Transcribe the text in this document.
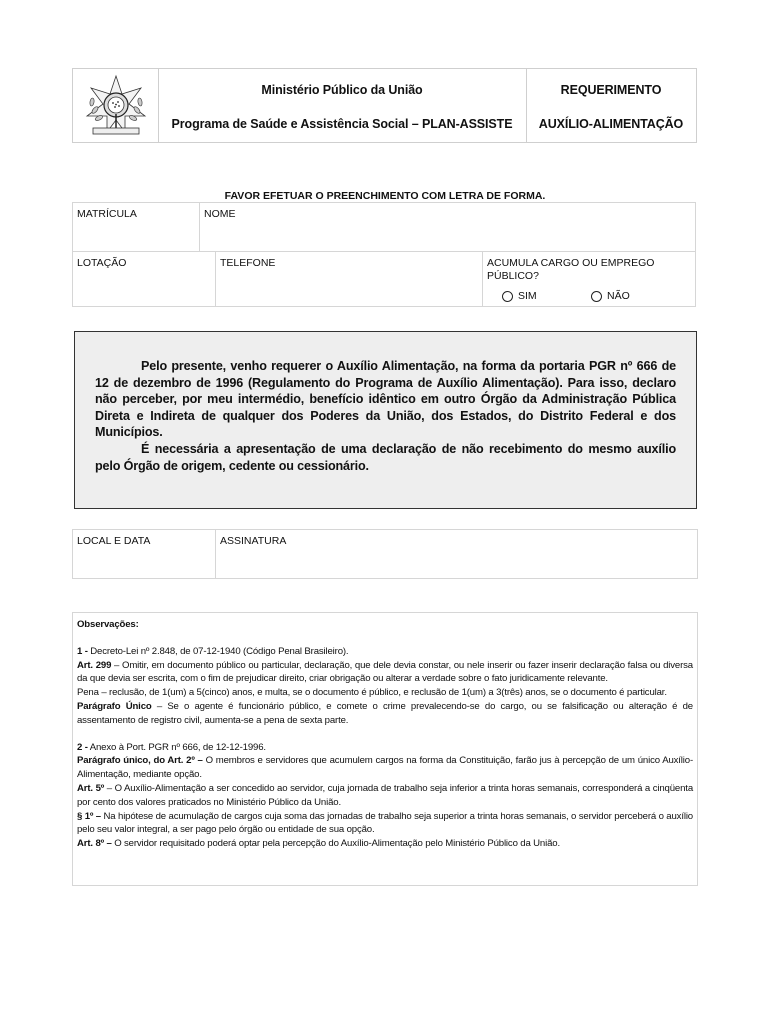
Ministério Público da União
Programa de Saúde e Assistência Social – PLAN-ASSISTE
REQUERIMENTO
AUXÍLIO-ALIMENTAÇÃO
FAVOR EFETUAR O PREENCHIMENTO COM LETRA DE FORMA.
MATRÍCULA	NOME
LOTAÇÃO	TELEFONE	ACUMULA CARGO OU EMPREGO
PÚBLICO?
SIM	NÃO

Pelo presente, venho requerer o Auxílio Alimentação, na forma da portaria PGR nº 666 de 12 de dezembro de 1996 (Regulamento do Programa de Auxílio Alimentação). Para isso, declaro não perceber, por meu intermédio, benefício idêntico em outro Órgão da Administração Pública Direta e Indireta de qualquer dos Poderes da União, dos Estados, do Distrito Federal e dos Municípios.

É necessária a apresentação de uma declaração de não recebimento do mesmo auxílio pelo Órgão de origem, cedente ou cessionário.

LOCAL E DATA	ASSINATURA

Observações:

1 - Decreto-Lei nº 2.848, de 07-12-1940 (Código Penal Brasileiro).

Art. 299 – Omitir, em documento público ou particular, declaração, que dele devia constar, ou nele inserir ou fazer inserir declaração falsa ou diversa da que devia ser escrita, com o fim de prejudicar direito, criar obrigação ou alterar a verdade sobre o fato juridicamente relevante.

Pena – reclusão, de 1(um) a 5(cinco) anos, e multa, se o documento é público, e reclusão de 1(um) a 3(três) anos, se o documento é particular.

Parágrafo Único – Se o agente é funcionário público, e comete o crime prevalecendo-se do cargo, ou se falsificação ou alteração é de assentamento de registro civil, aumenta-se a pena de sexta parte.

2 - Anexo à Port. PGR nº 666, de 12-12-1996.

Parágrafo único, do Art. 2º – O membros e servidores que acumulem cargos na forma da Constituição, farão jus à percepção de um único Auxílio-Alimentação, mediante opção.

Art. 5º – O Auxílio-Alimentação a ser concedido ao servidor, cuja jornada de trabalho seja inferior a trinta horas semanais, corresponderá a cinqüenta por cento dos valores praticados no Ministério Público da União.

§ 1º – Na hipótese de acumulação de cargos cuja soma das jornadas de trabalho seja superior a trinta horas semanais, o servidor perceberá o auxílio pelo seu valor integral, a ser pago pelo órgão ou entidade de sua opção.

Art. 8º – O servidor requisitado poderá optar pela percepção do Auxílio-Alimentação pelo Ministério Público da União.
